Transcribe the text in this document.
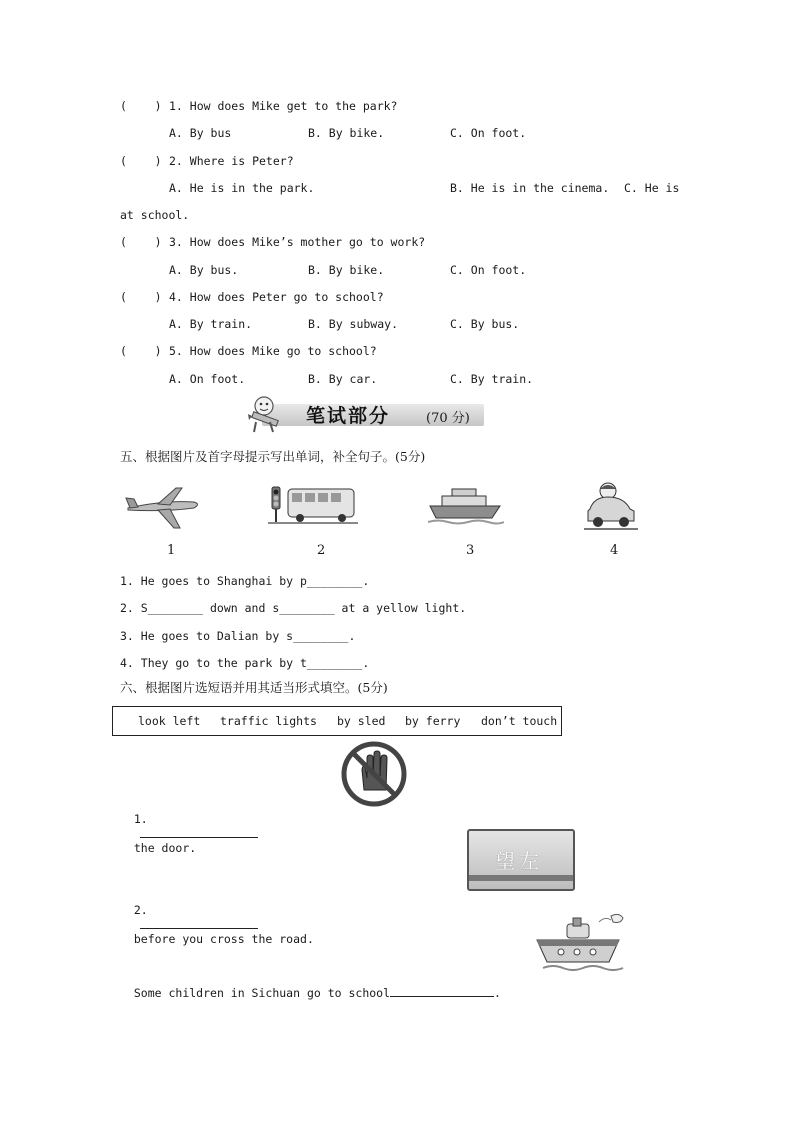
(    ) 1. How does Mike get to the park?
A. By bus	B. By bike.	C. On foot.
(    ) 2. Where is Peter?
A. He is in the park.	B. He is in the cinema. C. He is
at school.
(    ) 3. How does Mike’s mother go to work?
A. By bus.	B. By bike.	C. On foot.
(    ) 4. How does Peter go to school?
A. By train.	B. By subway.	C. By bus.
(    ) 5. How does Mike go to school?
A. On foot.	B. By car.	C. By train.
笔试部分	(70 分)
五、根据图片及首字母提示写出单词，补全句子。(5分)
1	2	3	4
1. He goes to Shanghai by p________.
2. S________ down and s________ at a yellow light.
3. He goes to Dalian by s________.
4. They go to the park by t________.
六、根据图片选短语并用其适当形式填空。(5分)
look left traffic lights by sled by ferry don’t touch

1.

the door.

望左

2.

before you cross the road.

Some children in Sichuan go to school	.
